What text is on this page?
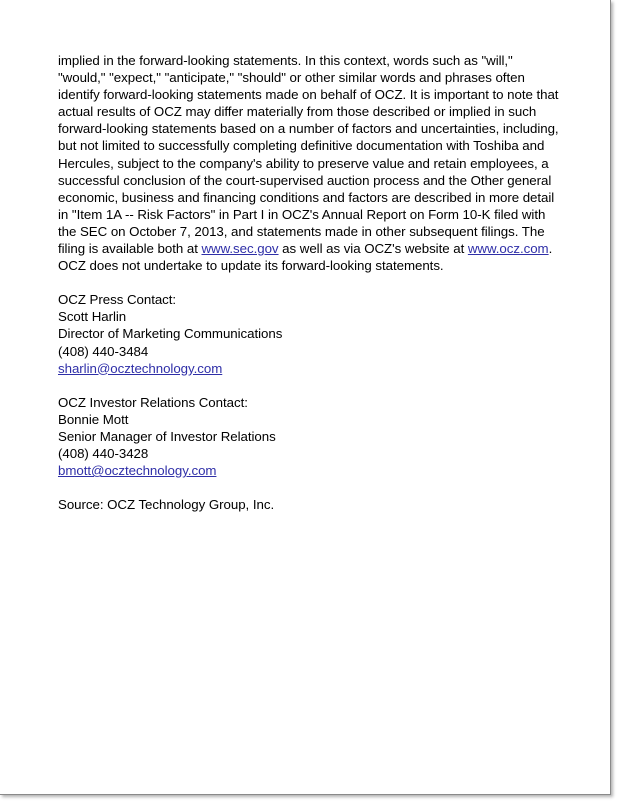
implied in the forward-looking statements. In this context, words such as "will," "would," "expect," "anticipate," "should" or other similar words and phrases often identify forward-looking statements made on behalf of OCZ. It is important to note that actual results of OCZ may differ materially from those described or implied in such forward-looking statements based on a number of factors and uncertainties, including, but not limited to successfully completing definitive documentation with Toshiba and Hercules, subject to the company's ability to preserve value and retain employees, a successful conclusion of the court-supervised auction process and the Other general economic, business and financing conditions and factors are described in more detail in "Item 1A -- Risk Factors" in Part I in OCZ's Annual Report on Form 10-K filed with the SEC on October 7, 2013, and statements made in other subsequent filings. The filing is available both at www.sec.gov as well as via OCZ's website at www.ocz.com. OCZ does not undertake to update its forward-looking statements.

OCZ Press Contact:
Scott Harlin
Director of Marketing Communications
(408) 440-3484
sharlin@ocztechnology.com
OCZ Investor Relations Contact:
Bonnie Mott
Senior Manager of Investor Relations
(408) 440-3428
bmott@ocztechnology.com
Source: OCZ Technology Group, Inc.
